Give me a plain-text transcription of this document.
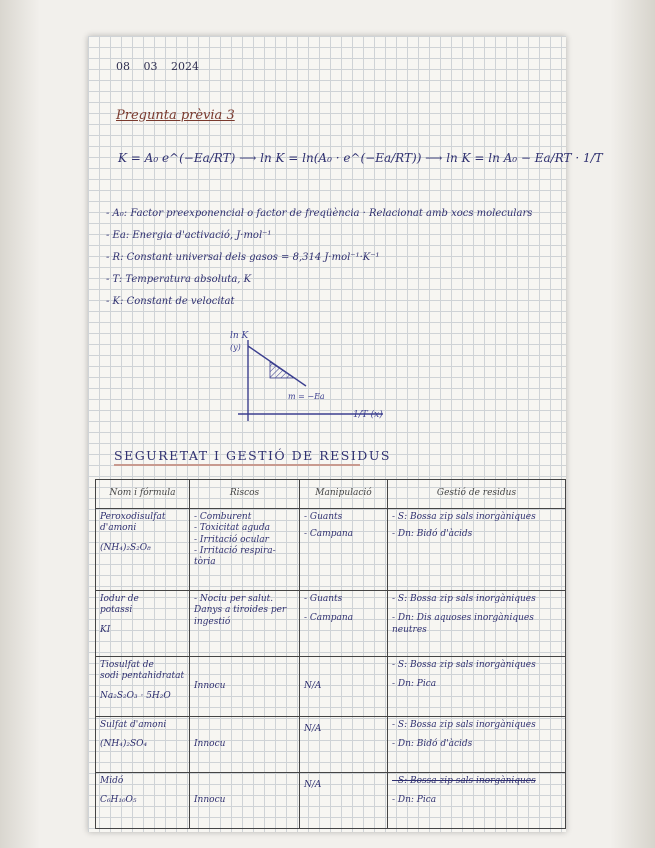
08 03 2024
Pregunta prèvia 3
K = A₀ e^(−Ea/RT) ⟶ ln K = ln(A₀ · e^(−Ea/RT)) ⟶ ln K = ln A₀ − Ea/RT · 1/T
- A₀: Factor preexponencial o factor de freqüència · Relacionat amb xocs moleculars
- Ea: Energia d'activació, J·mol⁻¹
- R: Constant universal dels gasos = 8,314 J·mol⁻¹·K⁻¹
- T: Temperatura absoluta, K
- K: Constant de velocitat
ln K
(y)
m = −Ea
1/T (x)
SEGURETAT I GESTIÓ DE RESIDUS
Nom i fórmula	Riscos	Manipulació	Gestió de residus

Peroxodisulfat
d'amoni
(NH₄)₂S₂O₈	- Comburent
- Toxicitat aguda
- Irritació ocular
- Irritació respira-
tòria	- Guants
- Campana	- S: Bossa zip sals inorgàniques
- Dn: Bidó d'àcids

Iodur de
potassi
KI	- Nociu per salut.
Danys a tiroides per
ingestió	- Guants
- Campana	- S: Bossa zip sals inorgàniques
- Dn: Dis aquoses inorgàniques
neutres

Tiosulfat de
sodi pentahidratat
Na₂S₂O₃ · 5H₂O	Innocu	N/A	- S: Bossa zip sals inorgàniques
- Dn: Pica

Sulfat d'amoni
(NH₄)₂SO₄	Innocu	N/A	- S: Bossa zip sals inorgàniques
- Dn: Bidó d'àcids

Midó
C₆H₁₀O₅	Innocu	N/A	- S: Bossa zip sals inorgàniques
- Dn: Pica
